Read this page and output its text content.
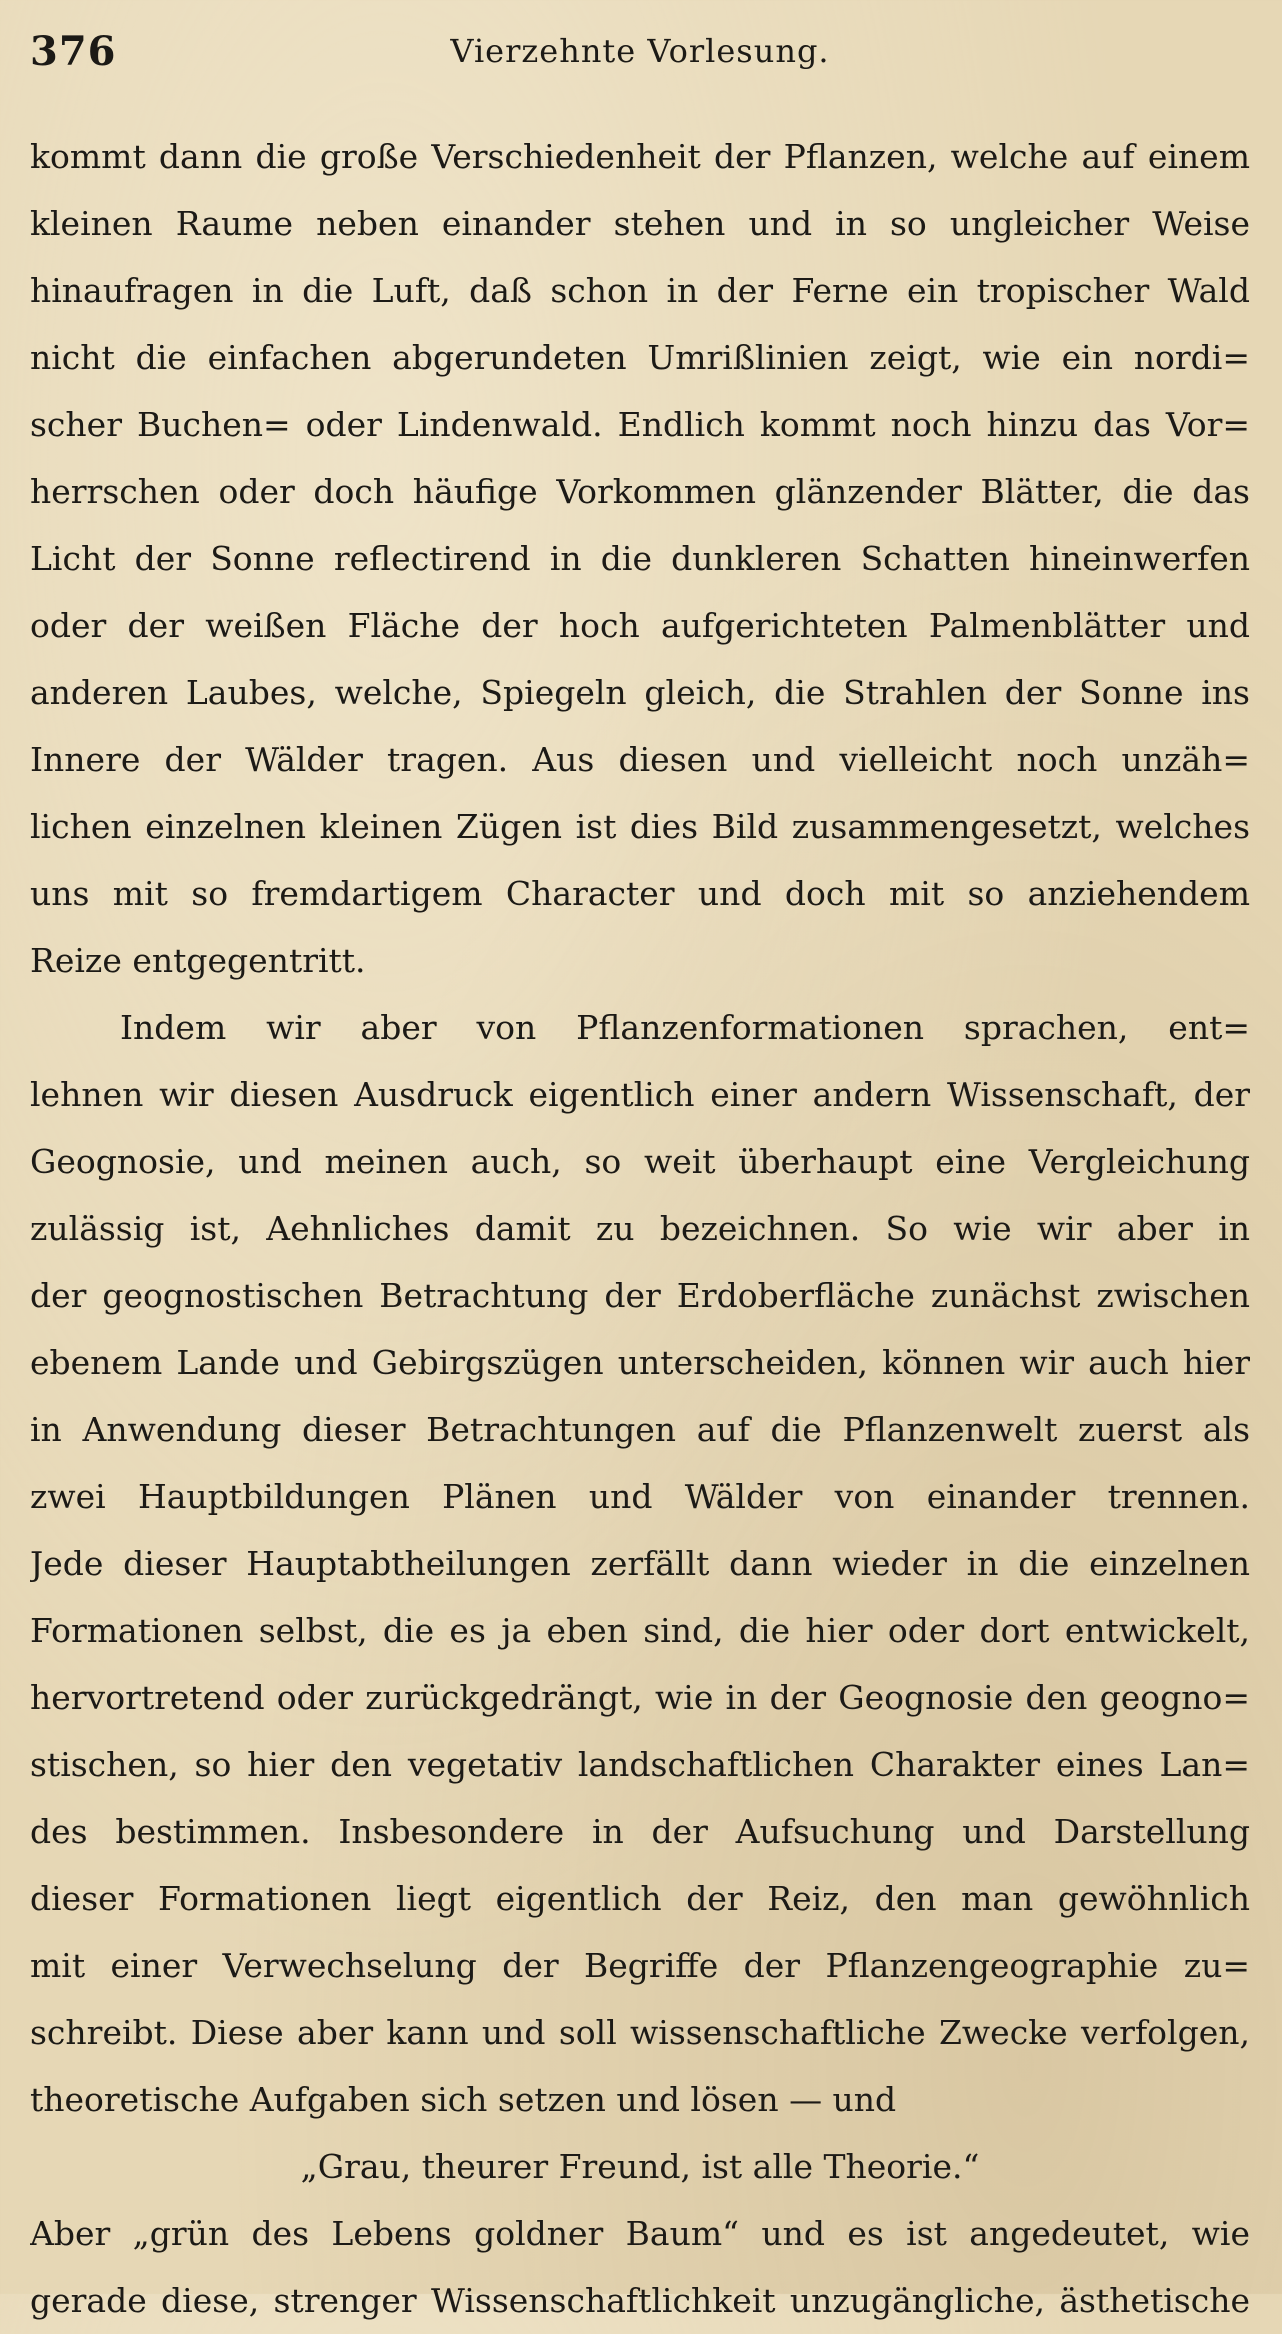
376	Vierzehnte Vorlesung.
kommt dann die große Verschiedenheit der Pflanzen, welche auf einem
kleinen Raume neben einander stehen und in so ungleicher Weise
hinaufragen in die Luft, daß schon in der Ferne ein tropischer Wald
nicht die einfachen abgerundeten Umrißlinien zeigt, wie ein nordi=
scher Buchen= oder Lindenwald. Endlich kommt noch hinzu das Vor=
herrschen oder doch häufige Vorkommen glänzender Blätter, die das
Licht der Sonne reflectirend in die dunkleren Schatten hineinwerfen
oder der weißen Fläche der hoch aufgerichteten Palmenblätter und
anderen Laubes, welche, Spiegeln gleich, die Strahlen der Sonne ins
Innere der Wälder tragen. Aus diesen und vielleicht noch unzäh=
lichen einzelnen kleinen Zügen ist dies Bild zusammengesetzt, welches
uns mit so fremdartigem Character und doch mit so anziehendem
Reize entgegentritt.
Indem wir aber von Pflanzenformationen sprachen, ent=
lehnen wir diesen Ausdruck eigentlich einer andern Wissenschaft, der
Geognosie, und meinen auch, so weit überhaupt eine Vergleichung
zulässig ist, Aehnliches damit zu bezeichnen. So wie wir aber in
der geognostischen Betrachtung der Erdoberfläche zunächst zwischen
ebenem Lande und Gebirgszügen unterscheiden, können wir auch hier
in Anwendung dieser Betrachtungen auf die Pflanzenwelt zuerst als
zwei Hauptbildungen Plänen und Wälder von einander trennen.
Jede dieser Hauptabtheilungen zerfällt dann wieder in die einzelnen
Formationen selbst, die es ja eben sind, die hier oder dort entwickelt,
hervortretend oder zurückgedrängt, wie in der Geognosie den geogno=
stischen, so hier den vegetativ landschaftlichen Charakter eines Lan=
des bestimmen. Insbesondere in der Aufsuchung und Darstellung
dieser Formationen liegt eigentlich der Reiz, den man gewöhnlich
mit einer Verwechselung der Begriffe der Pflanzengeographie zu=
schreibt. Diese aber kann und soll wissenschaftliche Zwecke verfolgen,
theoretische Aufgaben sich setzen und lösen — und
„Grau, theurer Freund, ist alle Theorie.“
Aber „grün des Lebens goldner Baum“ und es ist angedeutet, wie
gerade diese, strenger Wissenschaftlichkeit unzugängliche, ästhetische
